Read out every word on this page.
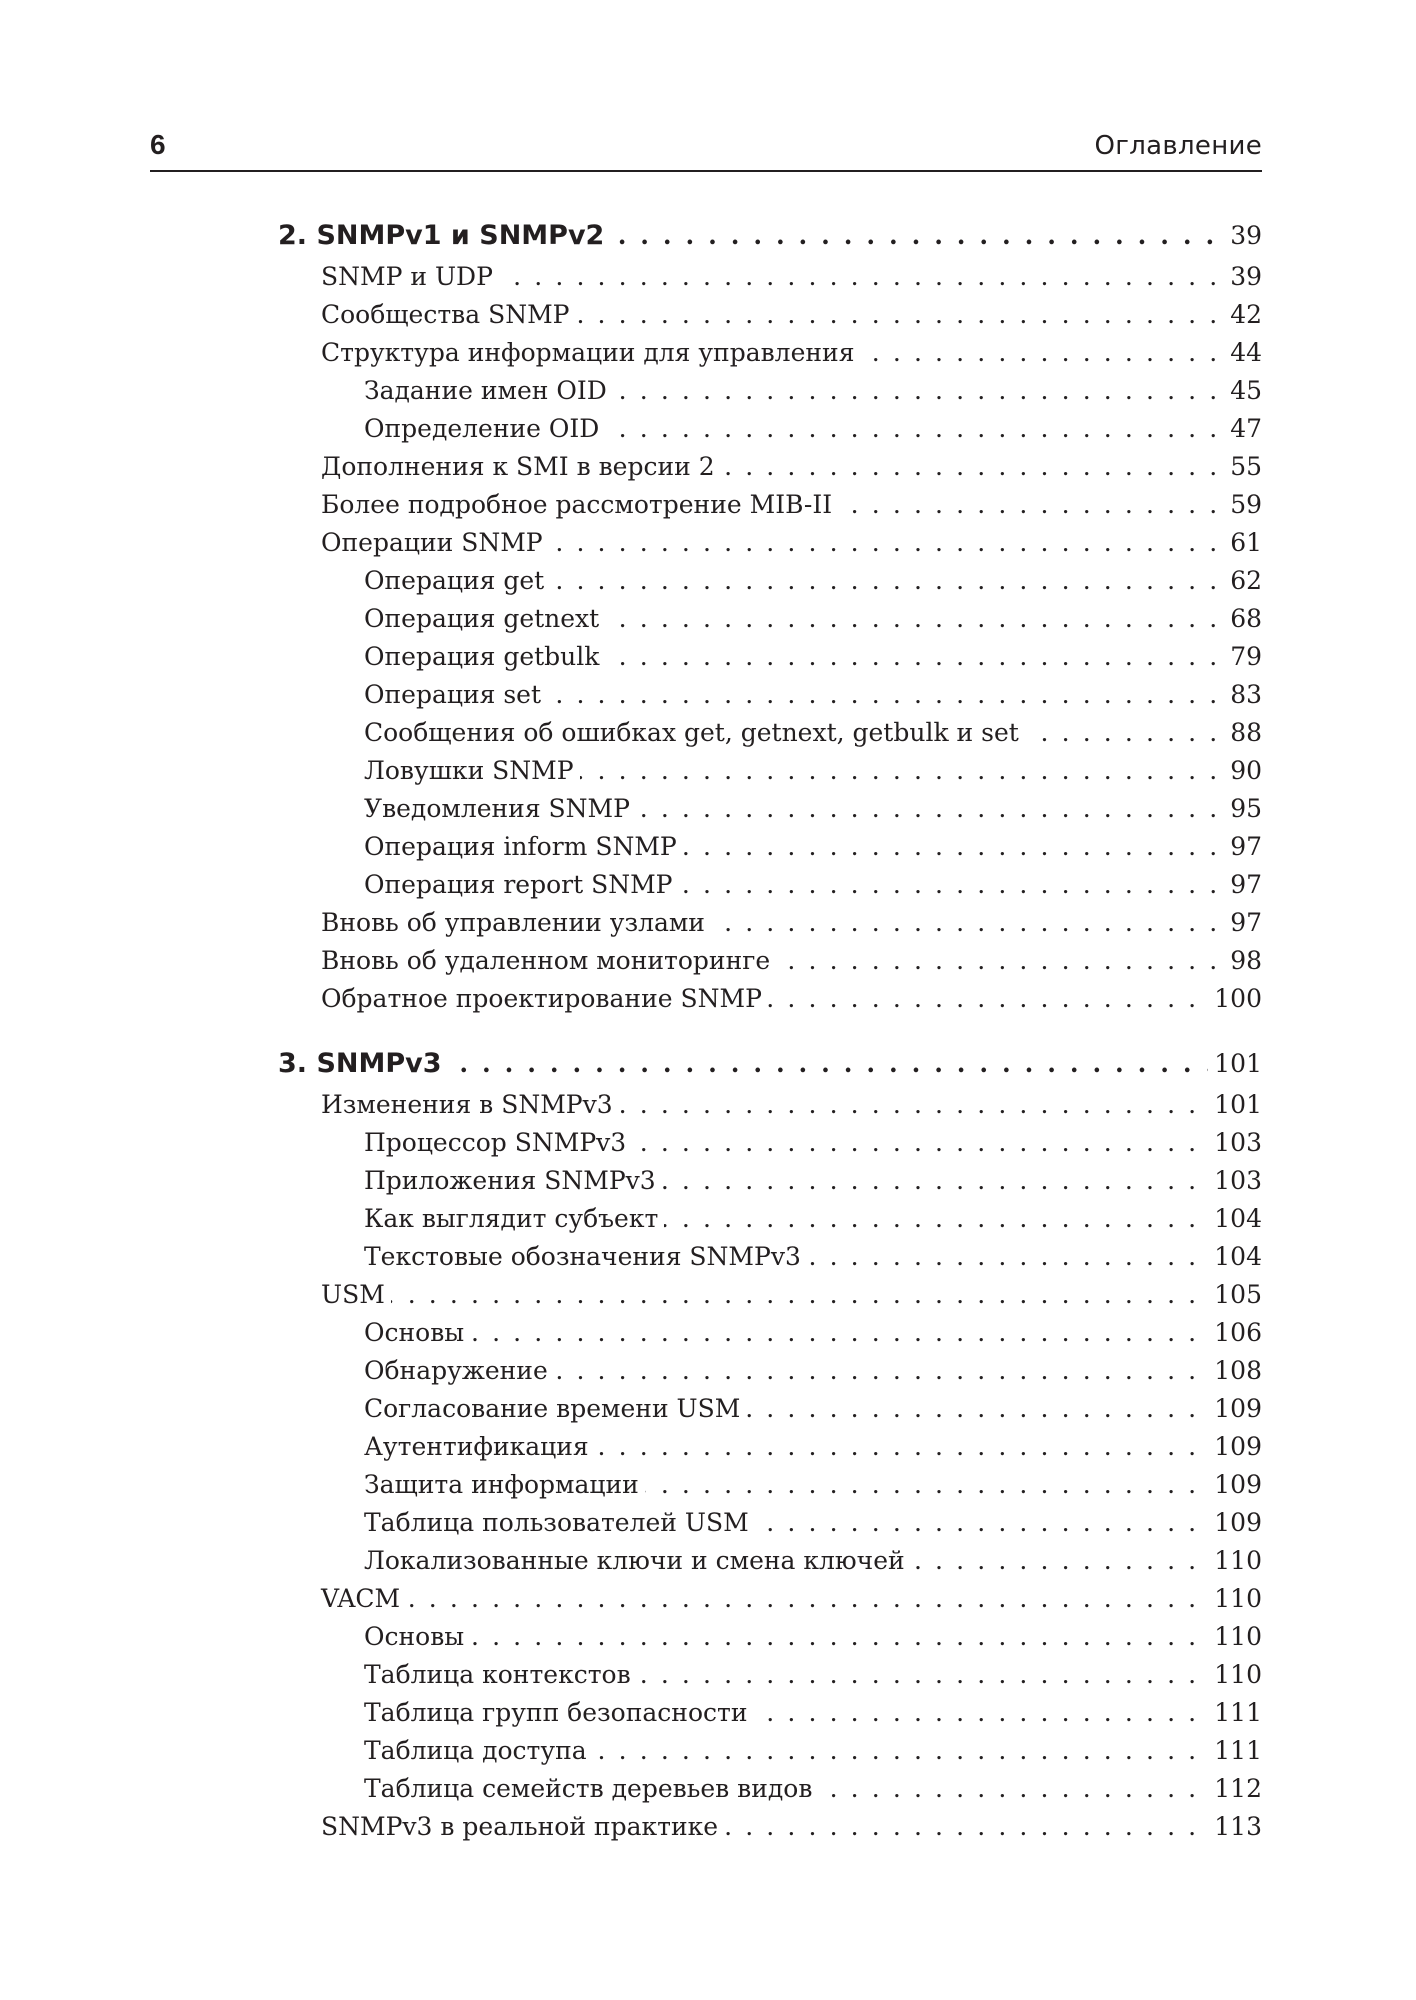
6	Оглавление
. . . 2. SNMPv1 и SNMPv2	39
. . . SNMP и UDP	39
. . . Сообщества SNMP	42
. . . Структура информации для управления	44
. . . Задание имен OID	45
. . . Определение OID	47
. . . Дополнения к SMI в версии 2	55
. . . Более подробное рассмотрение MIB-II	59
. . . Операции SNMP	61
. . . Операция get	62
. . . Операция getnext	68
. . . Операция getbulk	79
. . . Операция set	83
. . . Сообщения об ошибках get, getnext, getbulk и set	88
. . . Ловушки SNMP	90
. . . Уведомления SNMP	95
. . . Операция inform SNMP	97
. . . Операция report SNMP	97
. . . Вновь об управлении узлами	97
. . . Вновь об удаленном мониторинге	98
. . . Обратное проектирование SNMP	100
. . . 3. SNMPv3	101
. . . Изменения в SNMPv3	101
. . . Процессор SNMPv3	103
. . . Приложения SNMPv3	103
. . . Как выглядит субъект	104
. . . Текстовые обозначения SNMPv3	104
. . . USM	105
. . . Основы	106
. . . Обнаружение	108
. . . Согласование времени USM	109
. . . Аутентификация	109
. . . Защита информации	109
. . . Таблица пользователей USM	109
. . . Локализованные ключи и смена ключей	110
. . . VACM	110
. . . Основы	110
. . . Таблица контекстов	110
. . . Таблица групп безопасности	111
. . . Таблица доступа	111
. . . Таблица семейств деревьев видов	112
. . . SNMPv3 в реальной практике	113
